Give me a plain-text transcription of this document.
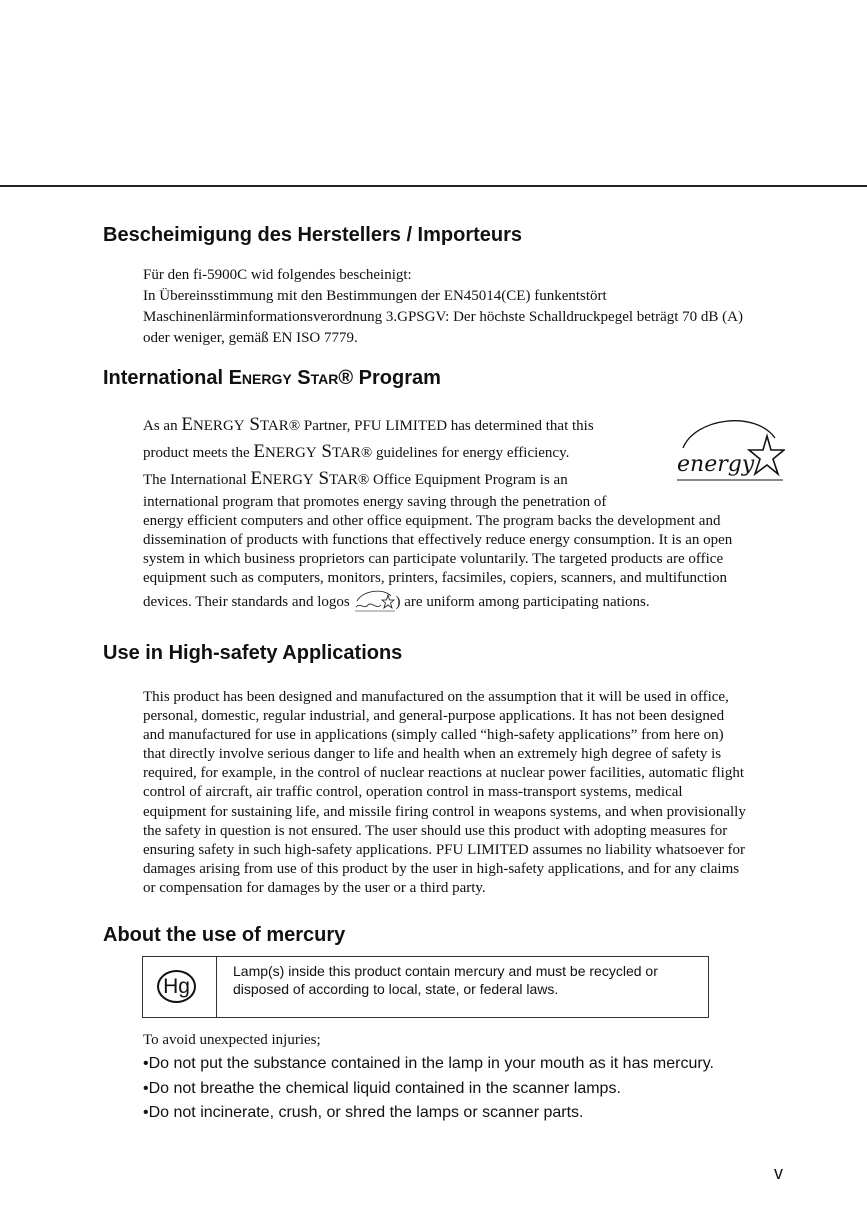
Bescheimigung des Herstellers / Importeurs
Für den fi-5900C wid folgendes bescheinigt:
In Übereinsstimmung mit den Bestimmungen der EN45014(CE) funkentstört
Maschinenlärminformationsverordnung 3.GPSGV: Der höchste Schalldruckpegel beträgt 70 dB (A)
oder weniger, gemäß EN ISO 7779.
International ENERGY STAR® Program
energy
As an ENERGY STAR® Partner, PFU LIMITED has determined that this
product meets the ENERGY STAR® guidelines for energy efficiency.
The International ENERGY STAR® Office Equipment Program is an
international program that promotes energy saving through the penetration of
energy efficient computers and other office equipment. The program backs the development and
dissemination of products with functions that effectively reduce energy consumption. It is an open
system in which business proprietors can participate voluntarily. The targeted products are office
equipment such as computers, monitors, printers, facsimiles, copiers, scanners, and multifunction
devices. Their standards and logos	) are uniform among participating nations.
Use in High-safety Applications
This product has been designed and manufactured on the assumption that it will be used in office,
personal, domestic, regular industrial, and general-purpose applications. It has not been designed
and manufactured for use in applications (simply called “high-safety applications” from here on)
that directly involve serious danger to life and health when an extremely high degree of safety is
required, for example, in the control of nuclear reactions at nuclear power facilities, automatic flight
control of aircraft, air traffic control, operation control in mass-transport systems, medical
equipment for sustaining life, and missile firing control in weapons systems, and when provisionally
the safety in question is not ensured. The user should use this product with adopting measures for
ensuring safety in such high-safety applications. PFU LIMITED assumes no liability whatsoever for
damages arising from use of this product by the user in high-safety applications, and for any claims
or compensation for damages by the user or a third party.
About the use of mercury
Hg
Lamp(s) inside this product contain mercury and must be recycled or
disposed of according to local, state, or federal laws.
To avoid unexpected injuries;

•Do not put the substance contained in the lamp in your mouth as it has mercury.

•Do not breathe the chemical liquid contained in the scanner lamps.

•Do not incinerate, crush, or shred the lamps or scanner parts.

v
